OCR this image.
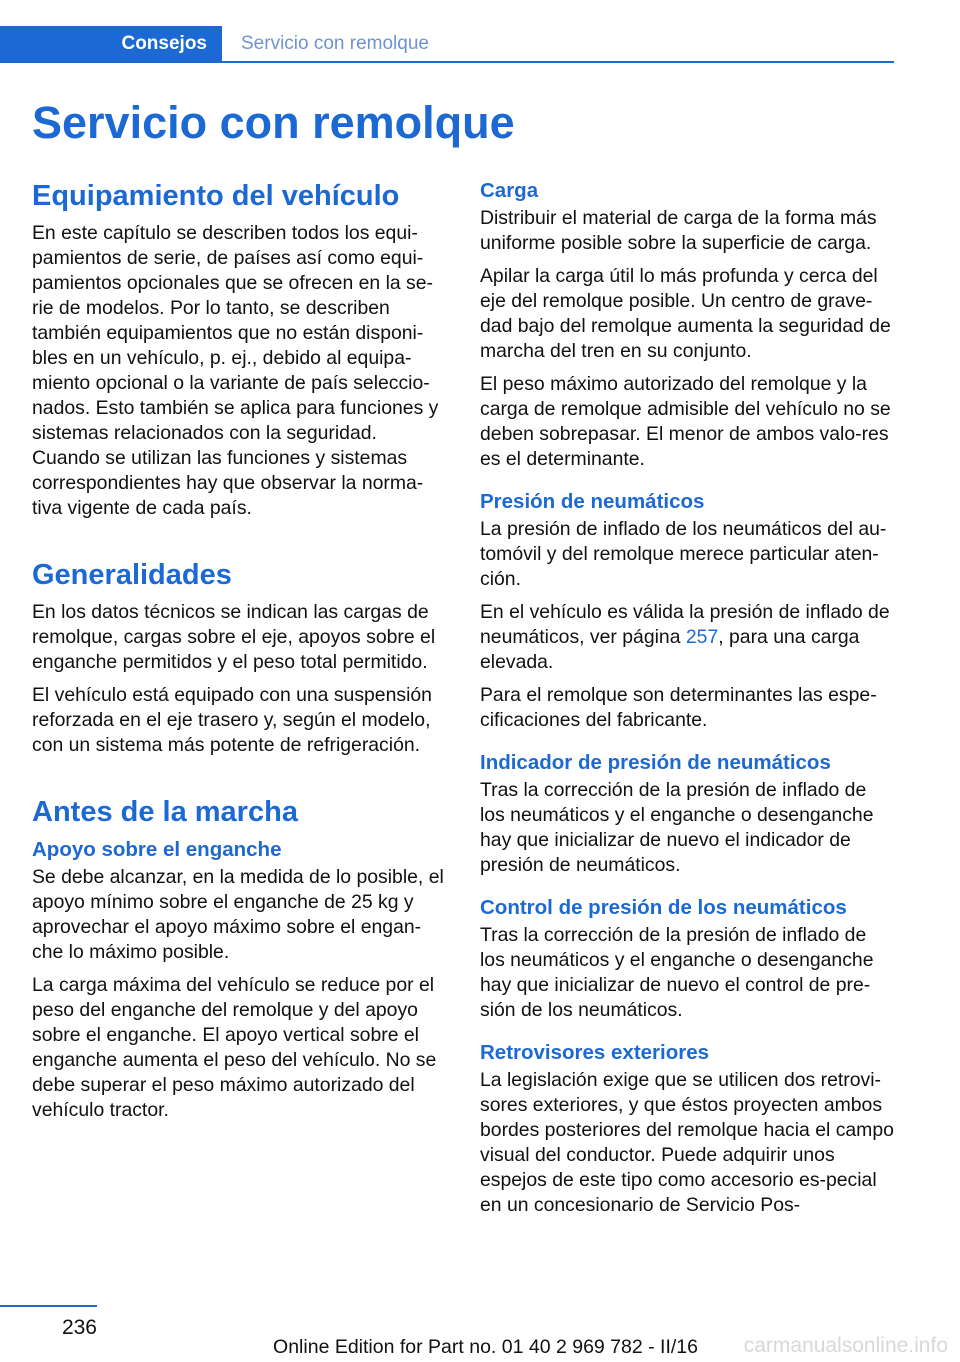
Consejos	Servicio con remolque
Servicio con remolque
Equipamiento del vehículo

En este capítulo se describen todos los equi‐pamientos de serie, de países así como equi‐pamientos opcionales que se ofrecen en la se‐rie de modelos. Por lo tanto, se describen también equipamientos que no están disponi‐bles en un vehículo, p. ej., debido al equipa‐miento opcional o la variante de país seleccio‐nados. Esto también se aplica para funciones y sistemas relacionados con la seguridad. Cuando se utilizan las funciones y sistemas correspondientes hay que observar la norma‐tiva vigente de cada país.

Generalidades

En los datos técnicos se indican las cargas de remolque, cargas sobre el eje, apoyos sobre el enganche permitidos y el peso total permitido.

El vehículo está equipado con una suspensión reforzada en el eje trasero y, según el modelo, con un sistema más potente de refrigeración.

Antes de la marcha
Apoyo sobre el enganche

Se debe alcanzar, en la medida de lo posible, el apoyo mínimo sobre el enganche de 25 kg y aprovechar el apoyo máximo sobre el engan‐che lo máximo posible.

La carga máxima del vehículo se reduce por el peso del enganche del remolque y del apoyo sobre el enganche. El apoyo vertical sobre el enganche aumenta el peso del vehículo. No se debe superar el peso máximo autorizado del vehículo tractor.

Carga

Distribuir el material de carga de la forma más uniforme posible sobre la superficie de carga.

Apilar la carga útil lo más profunda y cerca del eje del remolque posible. Un centro de grave‐dad bajo del remolque aumenta la seguridad de marcha del tren en su conjunto.

El peso máximo autorizado del remolque y la carga de remolque admisible del vehículo no se deben sobrepasar. El menor de ambos valo‐res es el determinante.

Presión de neumáticos

La presión de inflado de los neumáticos del au‐tomóvil y del remolque merece particular aten‐ción.

En el vehículo es válida la presión de inflado de neumáticos, ver página 257, para una carga elevada.

Para el remolque son determinantes las espe‐cificaciones del fabricante.

Indicador de presión de neumáticos

Tras la corrección de la presión de inflado de los neumáticos y el enganche o desenganche hay que inicializar de nuevo el indicador de presión de neumáticos.

Control de presión de los neumáticos

Tras la corrección de la presión de inflado de los neumáticos y el enganche o desenganche hay que inicializar de nuevo el control de pre‐sión de los neumáticos.

Retrovisores exteriores

La legislación exige que se utilicen dos retrovi‐sores exteriores, y que éstos proyecten ambos bordes posteriores del remolque hacia el campo visual del conductor. Puede adquirir unos espejos de este tipo como accesorio es‐pecial en un concesionario de Servicio Pos‐

236
Online Edition for Part no. 01 40 2 969 782 - II/16 carmanualsonline.info
